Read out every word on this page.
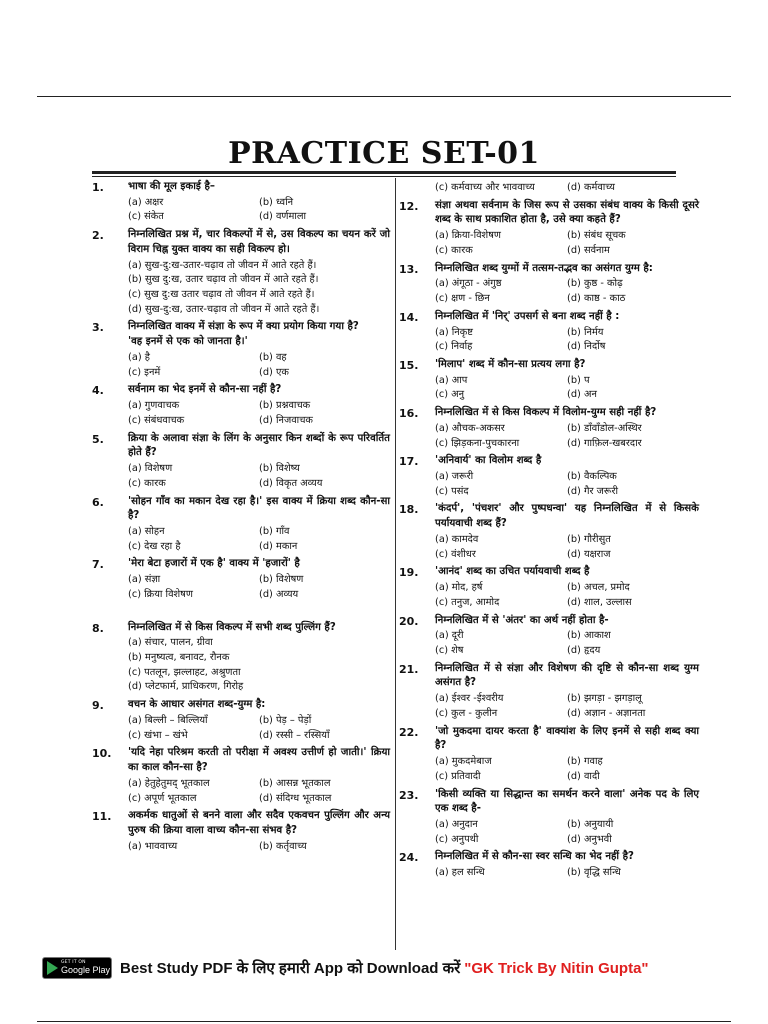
PRACTICE SET-01
1. भाषा की मूल इकाई है–
(a) अक्षर	(b) ध्वनि
(c) संकेत	(d) वर्णमाला
2. निम्नलिखित प्रश्न में, चार विकल्पों में से, उस विकल्प का चयन करें जो विराम चिह्न युक्त वाक्य का सही विकल्प हो।
(a) सुख-दु:ख-उतार-चढ़ाव तो जीवन में आते रहते हैं।
(b) सुख दु:ख, उतार चढ़ाव तो जीवन में आते रहते हैं।
(c) सुख दु:ख उतार चढ़ाव तो जीवन में आते रहते हैं।
(d) सुख-दु:ख, उतार-चढ़ाव तो जीवन में आते रहते हैं।
3. निम्नलिखित वाक्य में संज्ञा के रूप में क्या प्रयोग किया गया है?
'वह इनमें से एक को जानता है।'
(a) है	(b) वह
(c) इनमें	(d) एक
4. सर्वनाम का भेद इनमें से कौन-सा नहीं है?
(a) गुणवाचक	(b) प्रश्नवाचक
(c) संबंधवाचक	(d) निजवाचक
5. क्रिया के अलावा संज्ञा के लिंग के अनुसार किन शब्दों के रूप परिवर्तित होते हैं?
(a) विशेषण	(b) विशेष्य
(c) कारक	(d) विकृत अव्यय
6. 'सोहन गाँव का मकान देख रहा है।' इस वाक्य में क्रिया शब्द कौन-सा है?
(a) सोहन	(b) गाँव
(c) देख रहा है	(d) मकान
7. 'मेरा बेटा हजारों में एक है' वाक्य में 'हजारों' है
(a) संज्ञा	(b) विशेषण
(c) क्रिया विशेषण	(d) अव्यय
8. निम्नलिखित में से किस विकल्प में सभी शब्द पुल्लिंग हैं?
(a) संचार, पालन, ग्रीवा
(b) मनुष्यत्व, बनावट, रौनक
(c) पतलून, झल्लाहट, अश्रुणता
(d) प्लेटफार्म, प्राधिकरण, गिरोह
9. वचन के आधार असंगत शब्द-युग्म है:
(a) बिल्ली – बिल्लियाँ	(b) पेड़ – पेड़ों
(c) खंभा – खंभे	(d) रस्सी – रस्सियाँ
10. 'यदि नेहा परिश्रम करती तो परीक्षा में अवश्य उत्तीर्ण हो जाती।' क्रिया का काल कौन-सा है?
(a) हेतुहेतुमद् भूतकाल	(b) आसन्न भूतकाल
(c) अपूर्ण भूतकाल	(d) संदिग्ध भूतकाल
11. अकर्मक धातुओं से बनने वाला और सदैव एकवचन पुल्लिंग और अन्य पुरुष की क्रिया वाला वाच्य कौन-सा संभव है?
(a) भाववाच्य	(b) कर्तृवाच्य
(c) कर्मवाच्य और भाववाच्य	(d) कर्मवाच्य
12. संज्ञा अथवा सर्वनाम के जिस रूप से उसका संबंध वाक्य के किसी दूसरे शब्द के साथ प्रकाशित होता है, उसे क्या कहते हैं?
(a) क्रिया-विशेषण	(b) संबंध सूचक
(c) कारक	(d) सर्वनाम
13. निम्नलिखित शब्द युग्मों में तत्सम-तद्भव का असंगत युग्म है:
(a) अंगूठा - अंगुष्ठ	(b) कुष्ठ - कोढ़
(c) क्षण - छिन	(d) काष्ठ - काठ
14. निम्नलिखित में 'निर्' उपसर्ग से बना शब्द नहीं है :
(a) निकृष्ट	(b) निर्मय
(c) निर्वाह	(d) निर्दोष
15. 'मिलाप' शब्द में कौन-सा प्रत्यय लगा है?
(a) आप	(b) प
(c) अनु	(d) अन
16. निम्नलिखित में से किस विकल्प में विलोम-युग्म सही नहीं है?
(a) औचक-अकसर	(b) डाँवाँडोल-अस्थिर
(c) झिड़कना-पुचकारना	(d) गाफ़िल-खबरदार
17. 'अनिवार्य' का विलोम शब्द है
(a) जरूरी	(b) वैकल्पिक
(c) पसंद	(d) गैर जरूरी
18. 'कंदर्प', 'पंचशर' और पुष्पधन्वा' यह निम्नलिखित में से किसके पर्यायवाची शब्द हैं?
(a) कामदेव	(b) गौरीसुत
(c) वंशीधर	(d) यक्षराज
19. 'आनंद' शब्द का उचित पर्यायवाची शब्द है
(a) मोद, हर्ष	(b) अचल, प्रमोद
(c) तनुज, आमोद	(d) शाल, उल्लास
20. निम्नलिखित में से 'अंतर' का अर्थ नहीं होता है-
(a) दूरी	(b) आकाश
(c) शेष	(d) हृदय
21. निम्नलिखित में से संज्ञा और विशेषण की दृष्टि से कौन-सा शब्द युग्म असंगत है?
(a) ईश्वर -ईश्वरीय	(b) झगड़ा - झगड़ालू
(c) कुल - कुलीन	(d) अज्ञान - अज्ञानता
22. 'जो मुकदमा दायर करता है' वाक्यांश के लिए इनमें से सही शब्द क्या है?
(a) मुकदमेबाज	(b) गवाह
(c) प्रतिवादी	(d) वादी
23. 'किसी व्यक्ति या सिद्धान्त का समर्थन करने वाला' अनेक पद के लिए एक शब्द है-
(a) अनुदान	(b) अनुयायी
(c) अनुपथी	(d) अनुभवी
24. निम्नलिखित में से कौन-सा स्वर सन्धि का भेद नहीं है?
(a) हल सन्धि	(b) वृद्धि सन्धि
GET IT ON
Google Play Best Study PDF के लिए हमारी App को Download करें "GK Trick By Nitin Gupta"
